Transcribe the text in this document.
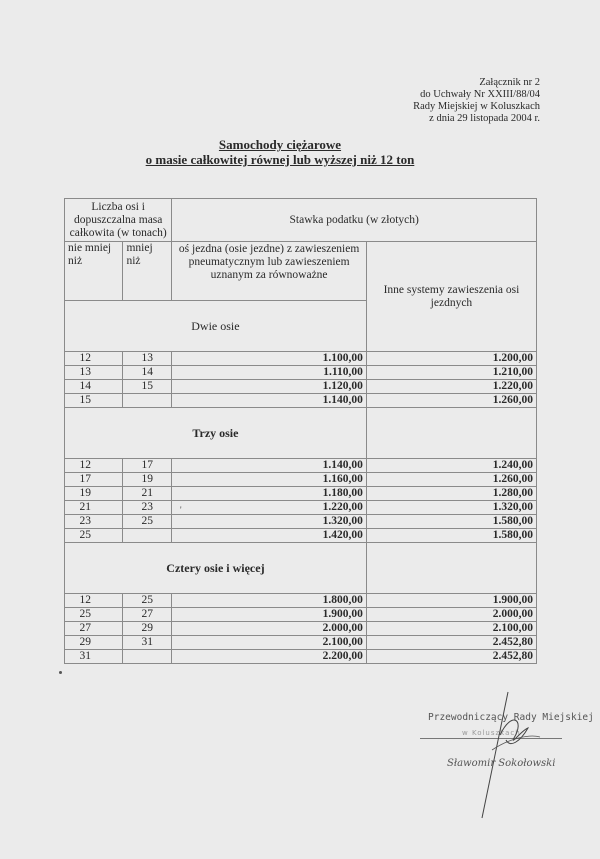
Załącznik nr 2
do Uchwały Nr XXIII/88/04
Rady Miejskiej w Koluszkach
z dnia 29 listopada 2004 r.
Samochody ciężarowe
o masie całkowitej równej lub wyższej niż 12 ton
Liczba osi i dopuszczalna masa całkowita (w tonach)		Stawka podatku (w złotych)	
nie mniej niż	mniej niż	oś jezdna (osie jezdne) z zawieszeniem pneumatycznym lub zawieszeniem uznanym za równoważne	Inne systemy zawieszenia osi jezdnych
Dwie osie			
12	13	1.100,00	1.200,00
13	14	1.110,00	1.210,00
14	15	1.120,00	1.220,00
15		1.140,00	1.260,00
Trzy osie			
12	17	1.140,00	1.240,00
17	19	1.160,00	1.260,00
19	21	1.180,00	1.280,00
21	23	1.220,00	1.320,00
23	25	1.320,00	1.580,00
25		1.420,00	1.580,00
Cztery osie i więcej			
12	25	1.800,00	1.900,00
25	27	1.900,00	2.000,00
27	29	2.000,00	2.100,00
29	31	2.100,00	2.452,80
31		2.200,00	2.452,80
'
Przewodniczący Rady Miejskiej
w Koluszkach
Sławomir Sokołowski
